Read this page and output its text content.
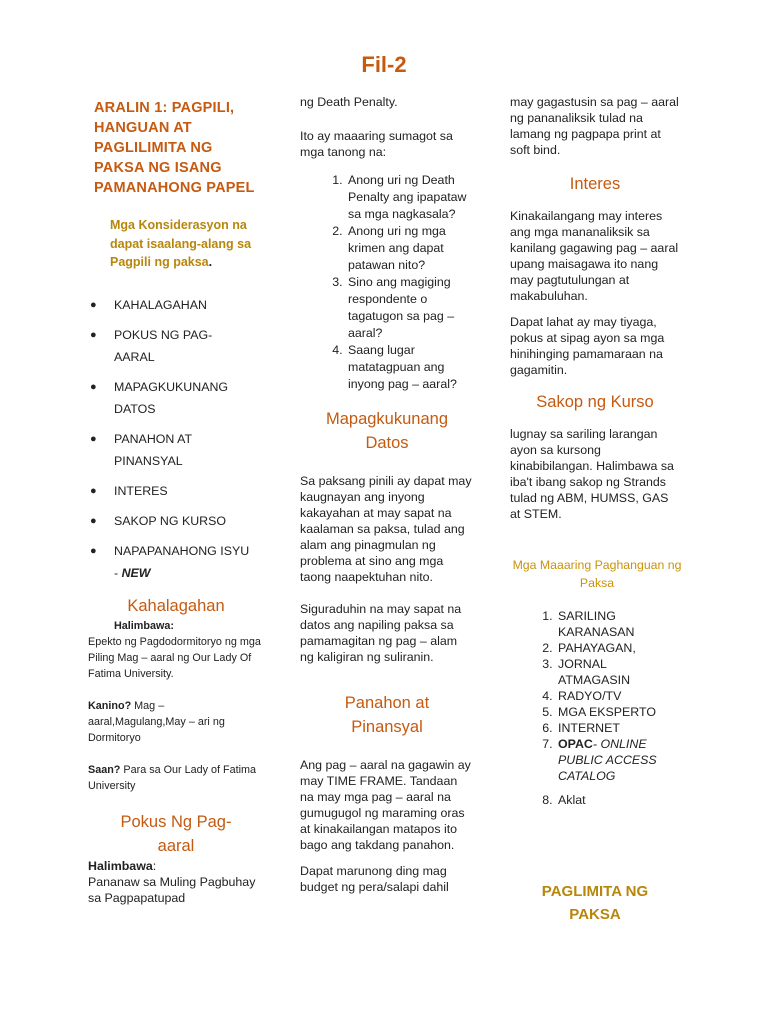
Fil-2

ARALIN 1: PAGPILI, HANGUAN AT PAGLILIMITA NG PAKSA NG ISANG PAMANAHONG PAPEL

Mga Konsiderasyon na dapat isaalang-alang sa Pagpili ng paksa.

● KAHALAGAHAN
● POKUS NG PAG-AARAL
● MAPAGKUKUNANG DATOS
● PANAHON AT PINANSYAL
● INTERES
● SAKOP NG KURSO
● NAPAPANAHONG ISYU
- NEW

Kahalagahan

Halimbawa:

Epekto ng Pagdodormitoryo ng mga Piling Mag – aaral ng Our Lady Of Fatima University.

Kanino? Mag – aaral,Magulang,May – ari ng Dormitoryo

Saan? Para sa Our Lady of Fatima University

Pokus Ng Pag-aaral

Halimbawa:

Pananaw sa Muling Pagbuhay sa Pagpapatupad

ng Death Penalty.

Ito ay maaaring sumagot sa mga tanong na:

1. Anong uri ng Death Penalty ang ipapataw sa mga nagkasala?
2. Anong uri ng mga krimen ang dapat patawan nito?
3. Sino ang magiging respondente o tagatugon sa pag – aaral?
4. Saang lugar matatagpuan ang inyong pag – aaral?

Mapagkukunang Datos

Sa paksang pinili ay dapat may kaugnayan ang inyong kakayahan at may sapat na kaalaman sa paksa, tulad ang alam ang pinagmulan ng problema at sino ang mga taong naapektuhan nito.

Siguraduhin na may sapat na datos ang napiling paksa sa pamamagitan ng pag – alam ng kaligiran ng suliranin.

Panahon at Pinansyal

Ang pag – aaral na gagawin ay may TIME FRAME. Tandaan na may mga pag – aaral na gumugugol ng maraming oras at kinakailangan matapos ito bago ang takdang panahon.

Dapat marunong ding mag budget ng pera/salapi dahil

may gagastusin sa pag – aaral ng pananaliksik tulad na lamang ng pagpapa print at soft bind.

Interes

Kinakailangang may interes ang mga mananaliksik sa kanilang gagawing pag – aaral upang maisagawa ito nang may pagtutulungan at makabuluhan.

Dapat lahat ay may tiyaga, pokus at sipag ayon sa mga hinihinging pamamaraan na gagamitin.

Sakop ng Kurso

lugnay sa sariling larangan ayon sa kursong kinabibilangan. Halimbawa sa iba't ibang sakop ng Strands tulad ng ABM, HUMSS, GAS at STEM.

Mga Maaaring Paghanguan ng Paksa

1. SARILING KARANASAN
2. PAHAYAGAN,
3. JORNAL ATMAGASIN
4. RADYO/TV
5. MGA EKSPERTO
6. INTERNET
7. OPAC- ONLINE PUBLIC ACCESS CATALOG
8. Aklat

PAGLIMITA NG PAKSA
